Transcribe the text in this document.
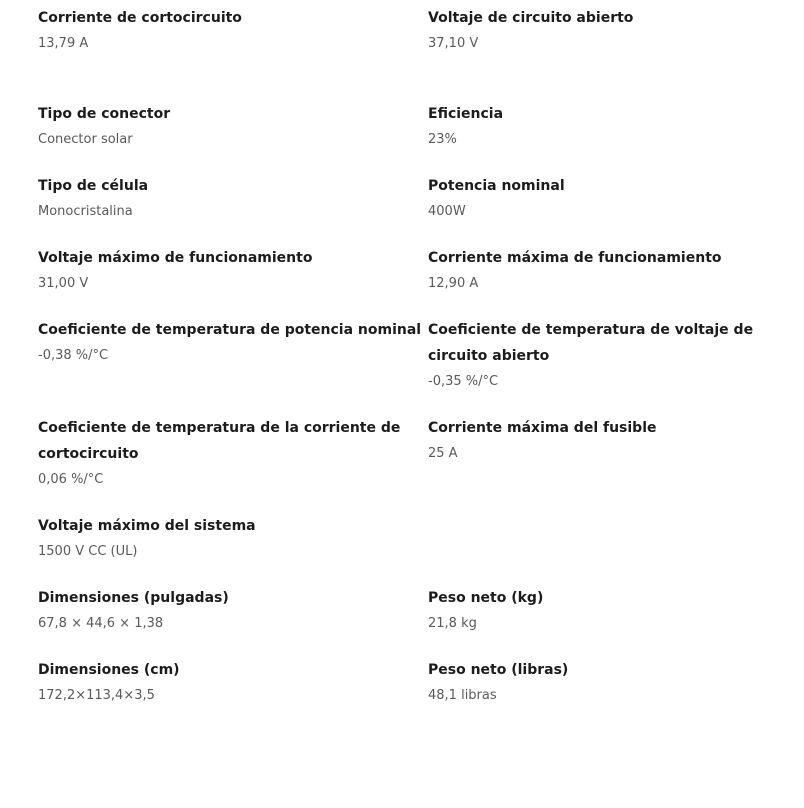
Corriente de cortocircuito
13,79 A
Voltaje de circuito abierto
37,10 V
Tipo de conector
Conector solar
Eficiencia
23%
Tipo de célula
Monocristalina
Potencia nominal
400W
Voltaje máximo de funcionamiento
31,00 V
Corriente máxima de funcionamiento
12,90 A
Coeficiente de temperatura de potencia nominal
-0,38 %/°C
Coeficiente de temperatura de voltaje de circuito abierto
-0,35 %/°C
Coeficiente de temperatura de la corriente de cortocircuito
0,06 %/°C
Corriente máxima del fusible
25 A
Voltaje máximo del sistema
1500 V CC (UL)
Dimensiones (pulgadas)
67,8 × 44,6 × 1,38
Peso neto (kg)
21,8 kg
Dimensiones (cm)
172,2×113,4×3,5
Peso neto (libras)
48,1 libras
